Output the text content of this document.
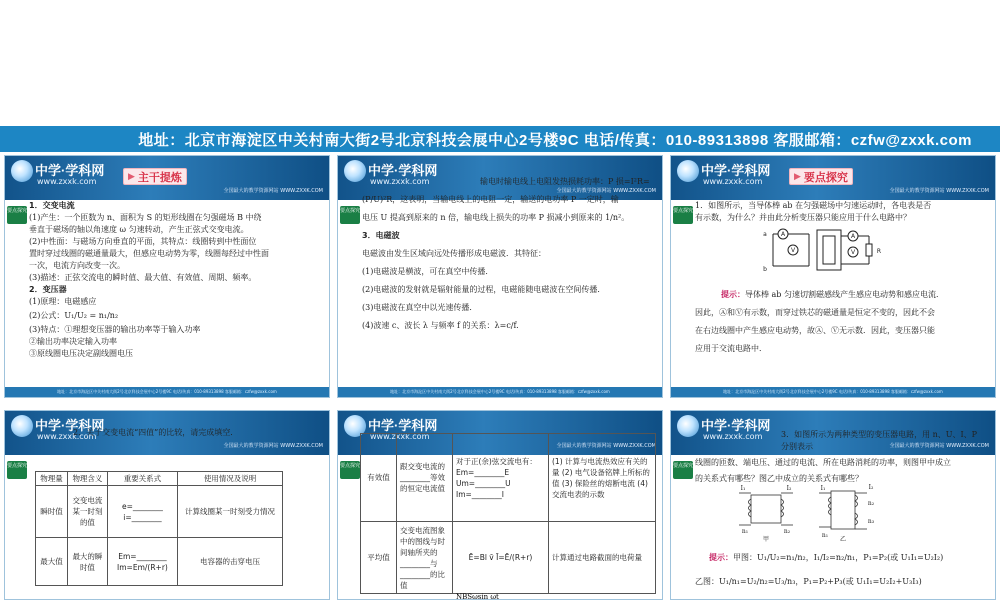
地址：北京市海淀区中关村南大街2号北京科技会展中心2号楼9C 电话/传真：010-89313898 客服邮箱：czfw@zxxk.com
中学·学科网
www.zxxk.com
全国最大的教学资源网站 WWW.ZXXK.COM
▶ 主干提炼
要点探究
1．交变电流
(1)产生：一个匝数为 n、面积为 S 的矩形线圈在匀强磁场 B 中绕
垂直于磁场的轴以角速度 ω 匀速转动，产生正弦式交变电流。
(2)中性面：与磁场方向垂直的平面，其特点：线圈转到中性面位
置时穿过线圈的磁通量最大，但感应电动势为零，线圈每经过中性面
一次，电流方向改变一次。
(3)描述：正弦交流电的瞬时值、最大值、有效值、周期、频率。
2．变压器
(1)原理：电磁感应
(2)公式：U₁/U₂ = n₁/n₂
(3)特点：①理想变压器的输出功率等于输入功率
②输出功率决定输入功率
③原线圈电压决定副线圈电压
地址：北京市海淀区中关村南大街2号北京科技会展中心2号楼9C 电话/传真：010-89313898 客服邮箱：czfw@zxxk.com
中学·学科网
www.zxxk.com
全国最大的教学资源网站 WWW.ZXXK.COM
要点探究
输电时输电线上电阻发热损耗功率：P 损=I²R=
(P/U)²R，这表明，当输电线上的电阻一定，输送的电功率 P 一定时，输
电压 U 提高到原来的 n 倍，输电线上损失的功率 P 损减小到原来的 1/n²。
3．电磁波
电磁波由发生区域向远处传播形成电磁波．其特征：
(1)电磁波是横波，可在真空中传播．
(2)电磁波的发射就是辐射能量的过程，电磁能随电磁波在空间传播．
(3)电磁波在真空中以光速传播．
(4)波速 c、波长 λ 与频率 f 的关系：λ=c/f.
地址：北京市海淀区中关村南大街2号北京科技会展中心2号楼9C 电话/传真：010-89313898 客服邮箱：czfw@zxxk.com
中学·学科网
www.zxxk.com
全国最大的教学资源网站 WWW.ZXXK.COM
▶ 要点探究
要点探究
1．如图所示，当导体棒 ab 在匀强磁场中匀速运动时，各电表是否
有示数，为什么？并由此分析变压器只能应用于什么电路中？
A
V
A
V
a
b
R
提示：导体棒 ab 匀速切割磁感线产生感应电动势和感应电流．
因此，Ⓐ和Ⓥ有示数，而穿过铁芯的磁通量是恒定不变的，因此不会
在右边线圈中产生感应电动势，故Ⓐ、Ⓥ无示数．因此，变压器只能
应用于交流电路中．
地址：北京市海淀区中关村南大街2号北京科技会展中心2号楼9C 电话/传真：010-89313898 客服邮箱：czfw@zxxk.com
中学·学科网
www.zxxk.com
全国最大的教学资源网站 WWW.ZXXK.COM
要点探究
2．关于交变电流“四值”的比较，请完成填空．
物理量	物理含义	重要关系式	使用情况及说明
瞬时值	交变电流某一时刻的值	e=________ i=________	计算线圈某一时刻受力情况
最大值	最大的瞬时值	Em=________ Im=Em/(R+r)	电容器的击穿电压
中学·学科网
www.zxxk.com
全国最大的教学资源网站 WWW.ZXXK.COM
要点探究
有效值	跟交变电流的________等效的恒定电流值	对于正(余)弦交流电有：Em=________E Um=________U Im=________I	(1) 计算与电流热效应有关的量 (2) 电气设备铭牌上所标的值 (3) 保险丝的熔断电流 (4) 交流电表的示数
平均值	交变电流图象中的图线与时间轴所夹的________与________的比值	Ē=Bl v̄ Ī=Ē/(R+r)	计算通过电路截面的电荷量
NBSωsin ωt
中学·学科网
www.zxxk.com
全国最大的教学资源网站 WWW.ZXXK.COM
要点探究
3．如图所示为两种类型的变压器电路，用 n、U、I、P 分别表示
线圈的匝数、端电压、通过的电流、所在电路消耗的功率，则图甲中成立
的关系式有哪些？图乙中成立的关系式有哪些？
I₁	I₂
n₁	n₂
甲
I₁
n₁
n₂
n₃
I₂
乙
提示：甲图：U₁/U₂=n₁/n₂，I₁/I₂=n₂/n₁，P₁=P₂(或 U₁I₁=U₂I₂)
乙图：U₁/n₁=U₂/n₂=U₃/n₃，P₁=P₂+P₃(或 U₁I₁=U₂I₂+U₃I₃)
